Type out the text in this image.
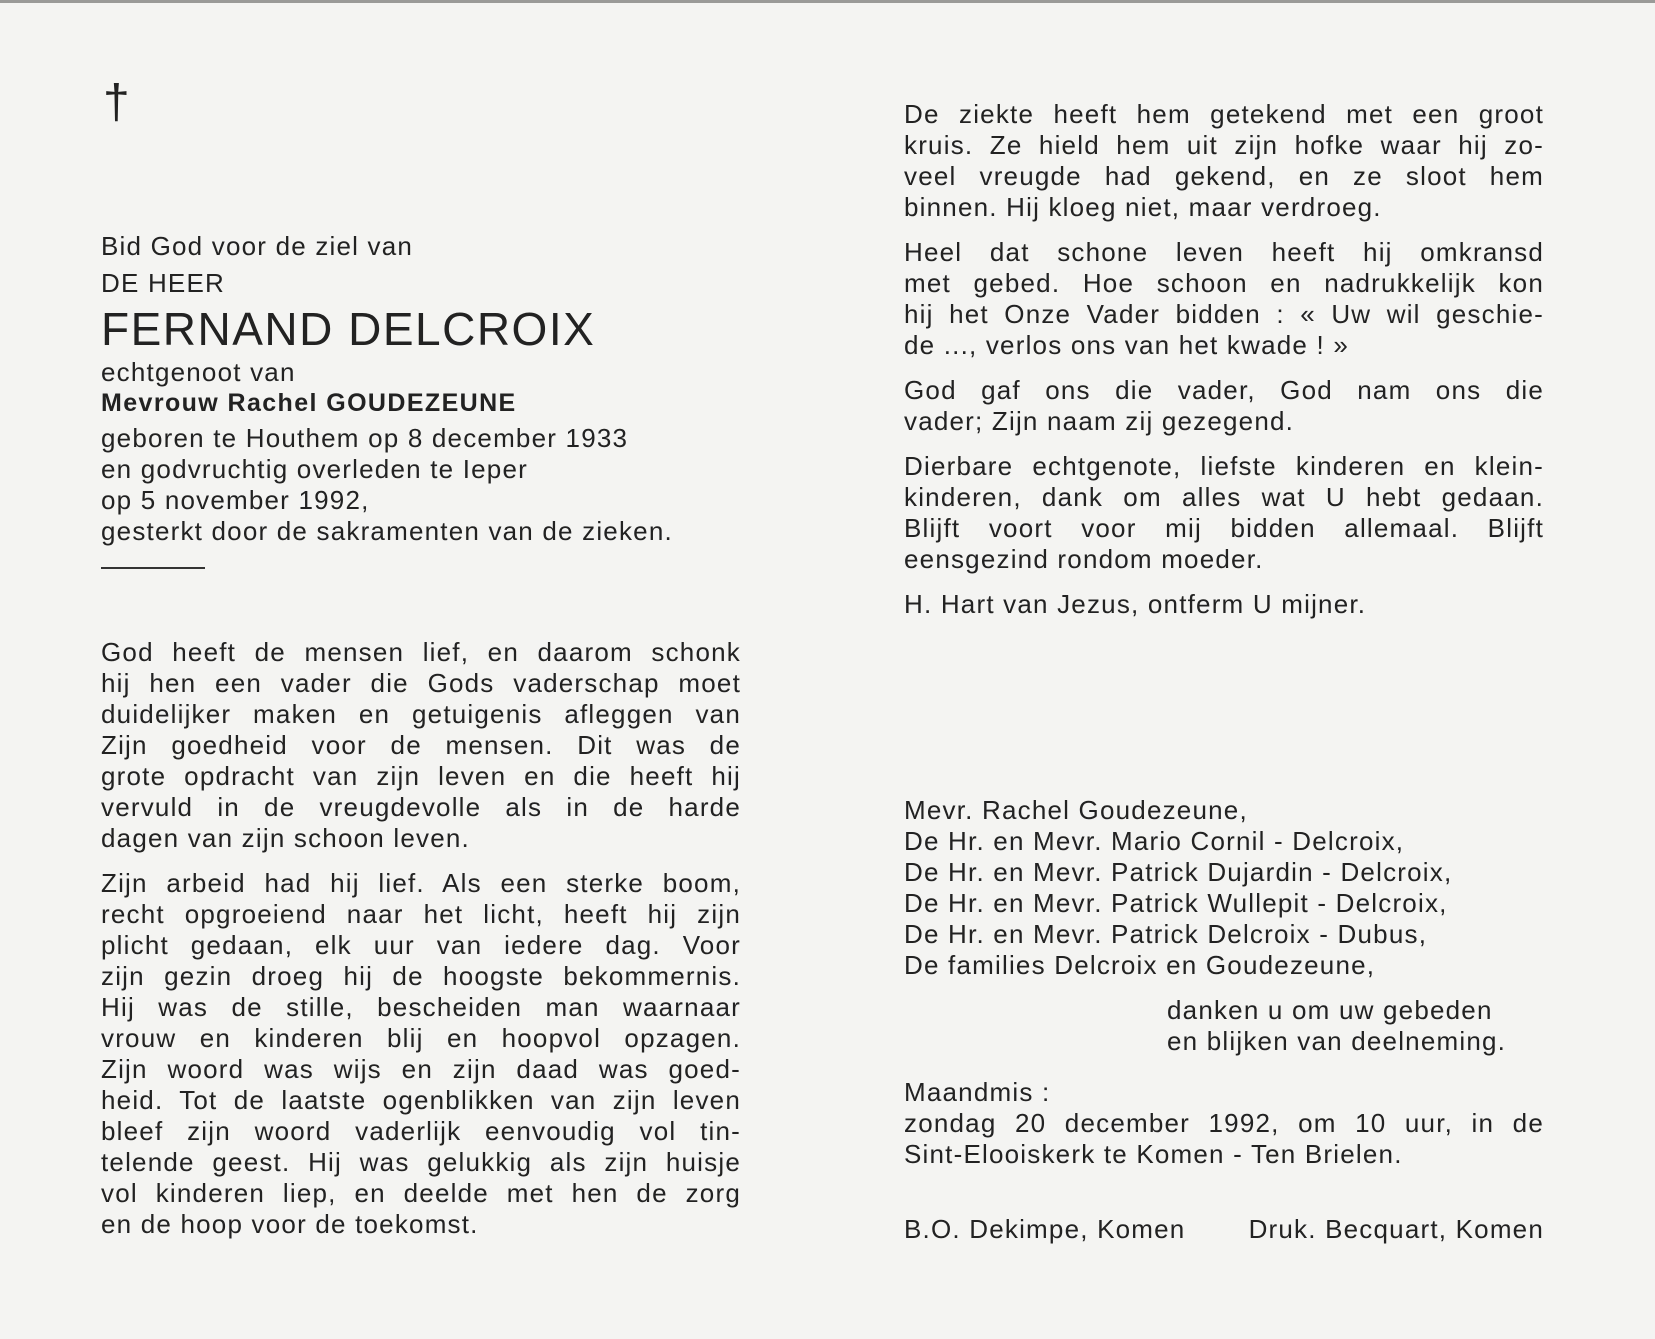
†
Bid God voor de ziel van
DE HEER
FERNAND DELCROIX
echtgenoot van
Mevrouw Rachel GOUDEZEUNE
geboren te Houthem op 8 december 1933
en godvruchtig overleden te Ieper
op 5 november 1992,
gesterkt door de sakramenten van de zieken.
God heeft de mensen lief, en daarom schonk
hij hen een vader die Gods vaderschap moet
duidelijker maken en getuigenis afleggen van
Zijn goedheid voor de mensen. Dit was de
grote opdracht van zijn leven en die heeft hij
vervuld in de vreugdevolle als in de harde
dagen van zijn schoon leven.
Zijn arbeid had hij lief. Als een sterke boom,
recht opgroeiend naar het licht, heeft hij zijn
plicht gedaan, elk uur van iedere dag. Voor
zijn gezin droeg hij de hoogste bekommernis.
Hij was de stille, bescheiden man waarnaar
vrouw en kinderen blij en hoopvol opzagen.
Zijn woord was wijs en zijn daad was goed-
heid. Tot de laatste ogenblikken van zijn leven
bleef zijn woord vaderlijk eenvoudig vol tin-
telende geest. Hij was gelukkig als zijn huisje
vol kinderen liep, en deelde met hen de zorg
en de hoop voor de toekomst.
De ziekte heeft hem getekend met een groot
kruis. Ze hield hem uit zijn hofke waar hij zo-
veel vreugde had gekend, en ze sloot hem
binnen. Hij kloeg niet, maar verdroeg.
Heel dat schone leven heeft hij omkransd
met gebed. Hoe schoon en nadrukkelijk kon
hij het Onze Vader bidden : « Uw wil geschie-
de ..., verlos ons van het kwade ! »
God gaf ons die vader, God nam ons die
vader; Zijn naam zij gezegend.
Dierbare echtgenote, liefste kinderen en klein-
kinderen, dank om alles wat U hebt gedaan.
Blijft voort voor mij bidden allemaal. Blijft
eensgezind rondom moeder.
H. Hart van Jezus, ontferm U mijner.
Mevr. Rachel Goudezeune,
De Hr. en Mevr. Mario Cornil - Delcroix,
De Hr. en Mevr. Patrick Dujardin - Delcroix,
De Hr. en Mevr. Patrick Wullepit - Delcroix,
De Hr. en Mevr. Patrick Delcroix - Dubus,
De families Delcroix en Goudezeune,
danken u om uw gebeden
en blijken van deelneming.
Maandmis :
zondag 20 december 1992, om 10 uur, in de
Sint-Elooiskerk te Komen - Ten Brielen.
B.O. Dekimpe, Komen Druk. Becquart, Komen
